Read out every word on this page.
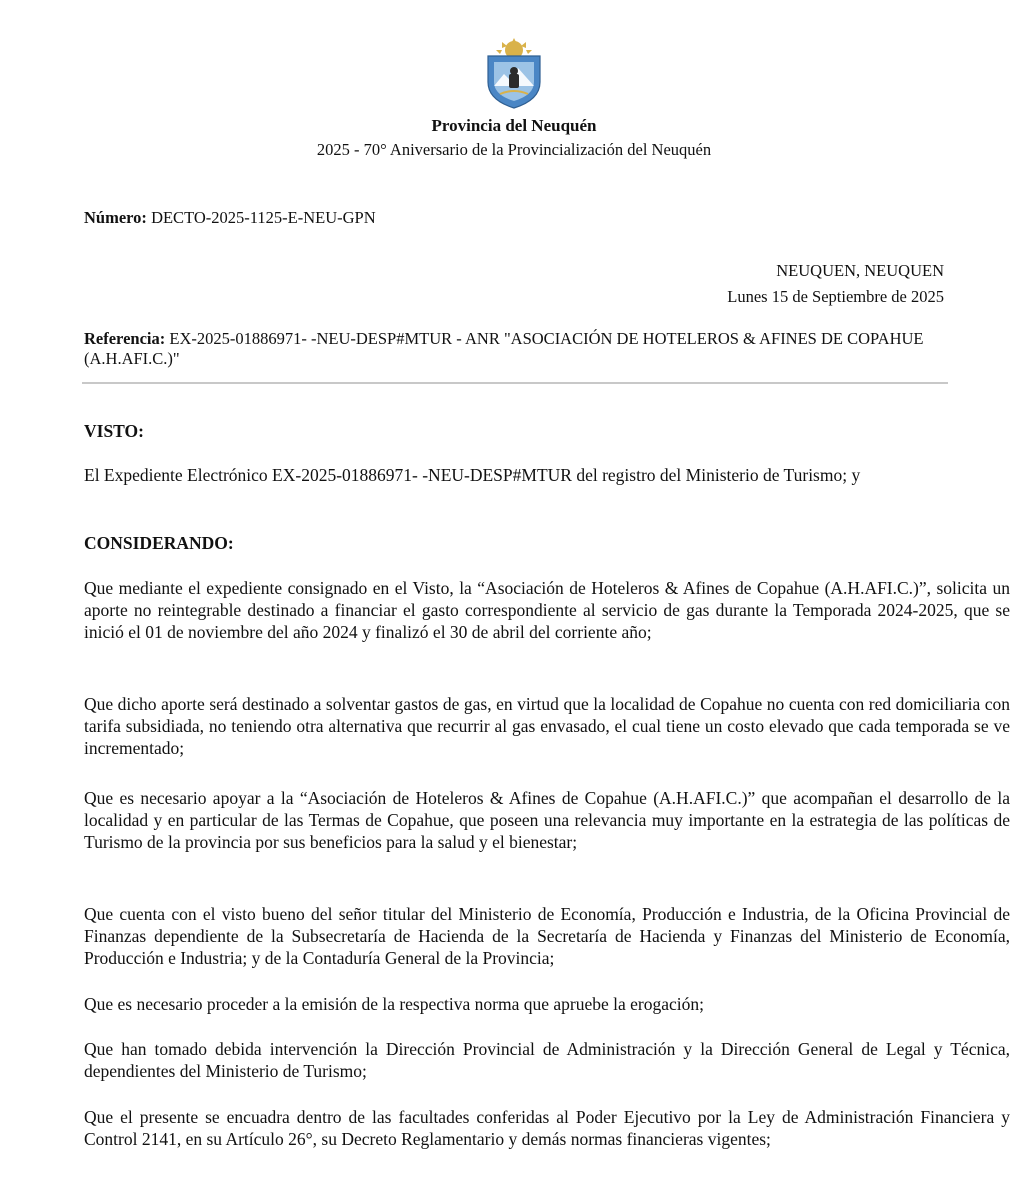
Provincia del Neuquén
2025 - 70° Aniversario de la Provincialización del Neuquén
Número: DECTO-2025-1125-E-NEU-GPN
NEUQUEN, NEUQUEN
Lunes 15 de Septiembre de 2025
Referencia: EX-2025-01886971- -NEU-DESP#MTUR - ANR "ASOCIACIÓN DE HOTELEROS & AFINES DE COPAHUE (A.H.AFI.C.)"
VISTO:
El Expediente Electrónico EX-2025-01886971- -NEU-DESP#MTUR del registro del Ministerio de Turismo; y
CONSIDERANDO:
Que mediante el expediente consignado en el Visto, la “Asociación de Hoteleros & Afines de Copahue (A.H.AFI.C.)”, solicita un aporte no reintegrable destinado a financiar el gasto correspondiente al servicio de gas durante la Temporada 2024-2025, que se inició el 01 de noviembre del año 2024 y finalizó el 30 de abril del corriente año;
Que dicho aporte será destinado a solventar gastos de gas, en virtud que la localidad de Copahue no cuenta con red domiciliaria con tarifa subsidiada, no teniendo otra alternativa que recurrir al gas envasado, el cual tiene un costo elevado que cada temporada se ve incrementado;
Que es necesario apoyar a la “Asociación de Hoteleros & Afines de Copahue (A.H.AFI.C.)” que acompañan el desarrollo de la localidad y en particular de las Termas de Copahue, que poseen una relevancia muy importante en la estrategia de las políticas de Turismo de la provincia por sus beneficios para la salud y el bienestar;
Que cuenta con el visto bueno del señor titular del Ministerio de Economía, Producción e Industria, de la Oficina Provincial de Finanzas dependiente de la Subsecretaría de Hacienda de la Secretaría de Hacienda y Finanzas del Ministerio de Economía, Producción e Industria; y de la Contaduría General de la Provincia;
Que es necesario proceder a la emisión de la respectiva norma que apruebe la erogación;
Que han tomado debida intervención la Dirección Provincial de Administración y la Dirección General de Legal y Técnica, dependientes del Ministerio de Turismo;
Que el presente se encuadra dentro de las facultades conferidas al Poder Ejecutivo por la Ley de Administración Financiera y Control 2141, en su Artículo 26°, su Decreto Reglamentario y demás normas financieras vigentes;
